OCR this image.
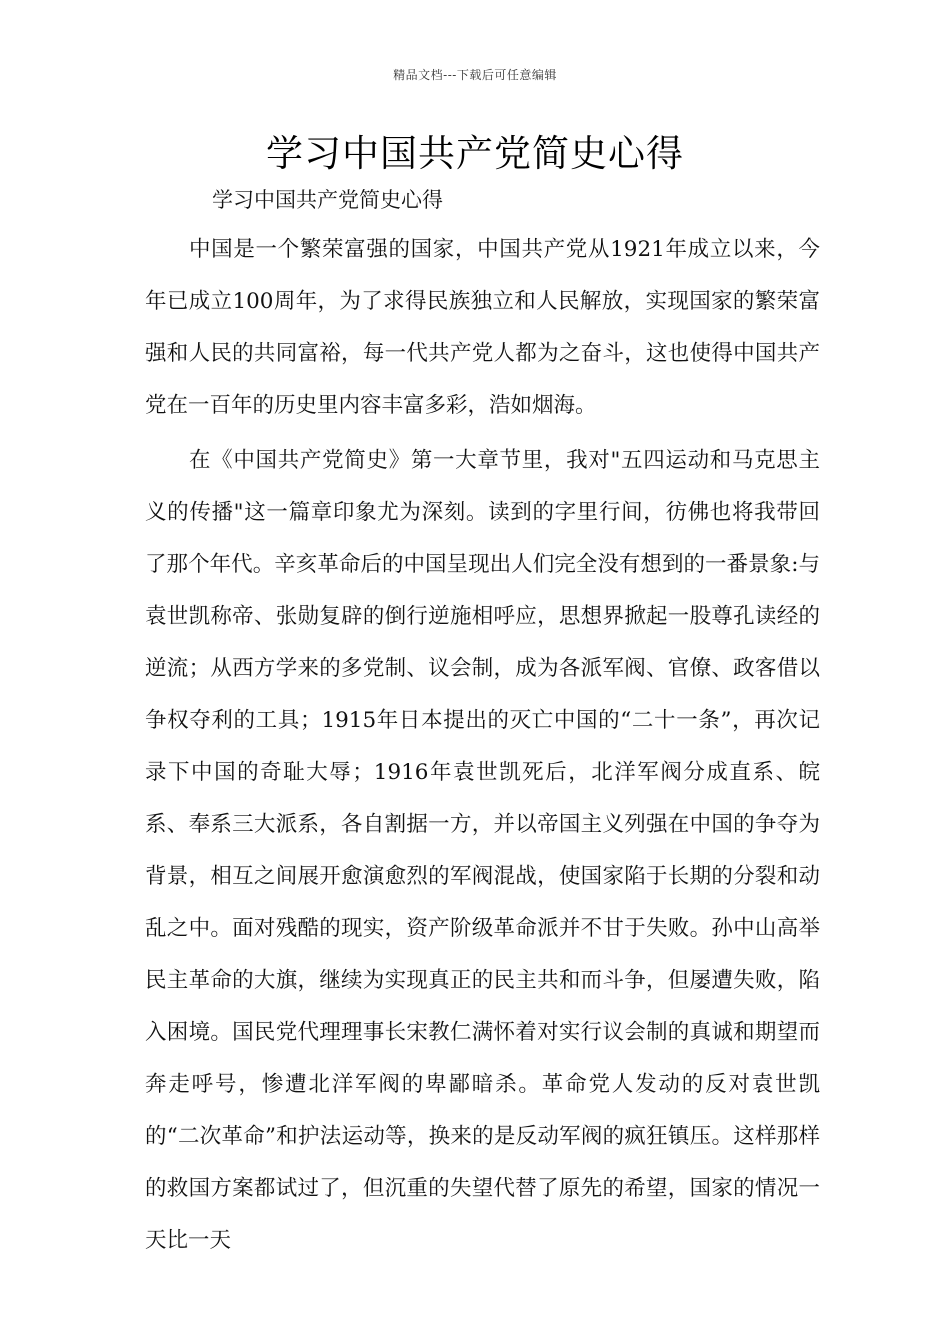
精品文档---下载后可任意编辑
学习中国共产党简史心得

学习中国共产党简史心得

中国是一个繁荣富强的国家，中国共产党从1921年成立以来，今年已成立100周年，为了求得民族独立和人民解放，实现国家的繁荣富强和人民的共同富裕，每一代共产党人都为之奋斗，这也使得中国共产党在一百年的历史里内容丰富多彩，浩如烟海。

在《中国共产党简史》第一大章节里，我对"五四运动和马克思主义的传播"这一篇章印象尤为深刻。读到的字里行间，彷佛也将我带回了那个年代。辛亥革命后的中国呈现出人们完全没有想到的一番景象:与袁世凯称帝、张勋复辟的倒行逆施相呼应，思想界掀起一股尊孔读经的逆流；从西方学来的多党制、议会制，成为各派军阀、官僚、政客借以争权夺利的工具；1915年日本提出的灭亡中国的“二十一条”，再次记录下中国的奇耻大辱；1916年袁世凯死后，北洋军阀分成直系、皖系、奉系三大派系，各自割据一方，并以帝国主义列强在中国的争夺为背景，相互之间展开愈演愈烈的军阀混战，使国家陷于长期的分裂和动乱之中。面对残酷的现实，资产阶级革命派并不甘于失败。孙中山高举民主革命的大旗，继续为实现真正的民主共和而斗争，但屡遭失败，陷入困境。国民党代理理事长宋教仁满怀着对实行议会制的真诚和期望而奔走呼号，惨遭北洋军阀的卑鄙暗杀。革命党人发动的反对袁世凯的“二次革命”和护法运动等，换来的是反动军阀的疯狂镇压。这样那样的救国方案都试过了，但沉重的失望代替了原先的希望，国家的情况一天比一天
